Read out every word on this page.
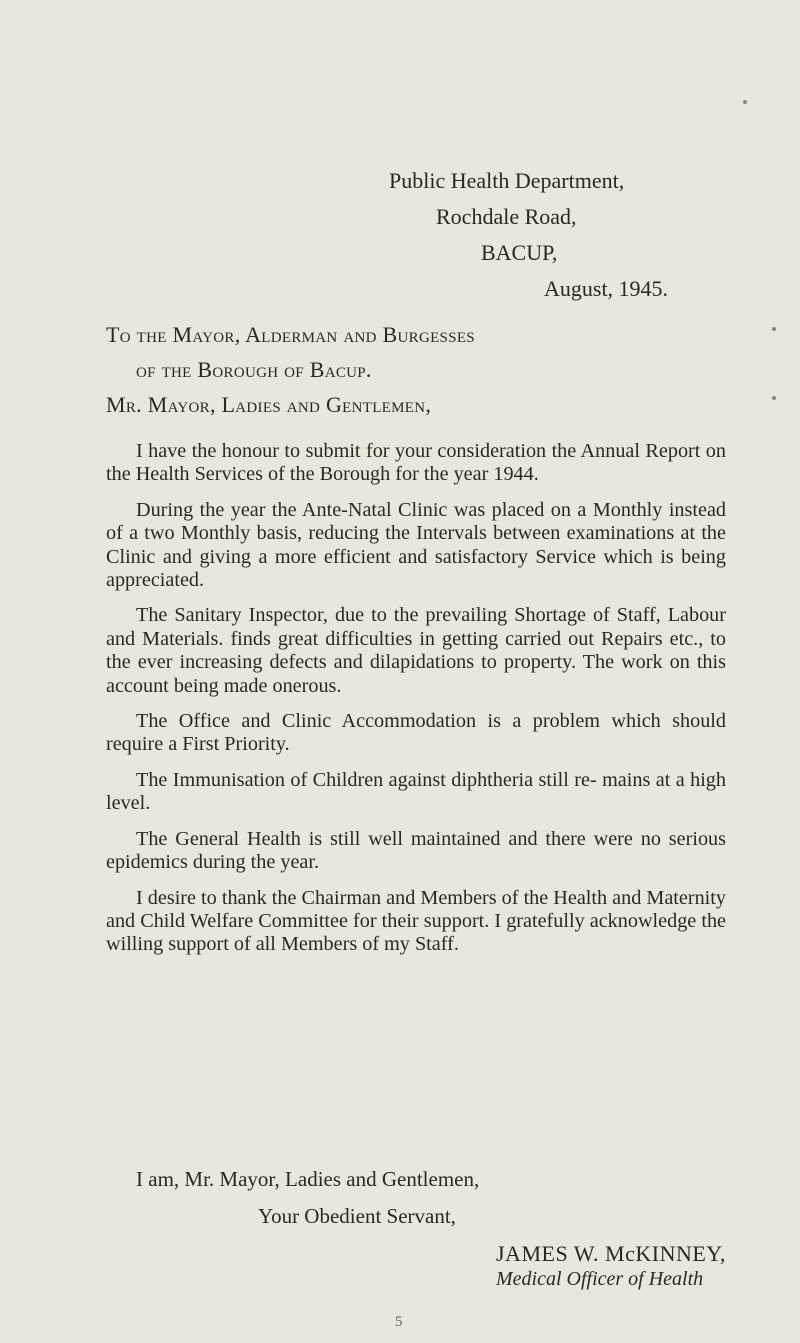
Public Health Department,
Rochdale Road,
BACUP,
August, 1945.
To the Mayor, Alderman and Burgesses
of the Borough of Bacup.
Mr. Mayor, Ladies and Gentlemen,

I have the honour to submit for your consideration the Annual Report on the Health Services of the Borough for the year 1944.

During the year the Ante-Natal Clinic was placed on a Monthly instead of a two Monthly basis, reducing the Intervals between examinations at the Clinic and giving a more efficient and satisfactory Service which is being appreciated.

The Sanitary Inspector, due to the prevailing Shortage of Staff, Labour and Materials. finds great difficulties in getting carried out Repairs etc., to the ever increasing defects and dilapidations to property. The work on this account being made onerous.

The Office and Clinic Accommodation is a problem which should require a First Priority.

The Immunisation of Children against diphtheria still re- mains at a high level.

The General Health is still well maintained and there were no serious epidemics during the year.

I desire to thank the Chairman and Members of the Health and Maternity and Child Welfare Committee for their support. I gratefully acknowledge the willing support of all Members of my Staff.

I am, Mr. Mayor, Ladies and Gentlemen,
Your Obedient Servant,
JAMES W. McKINNEY,
Medical Officer of Health
5
